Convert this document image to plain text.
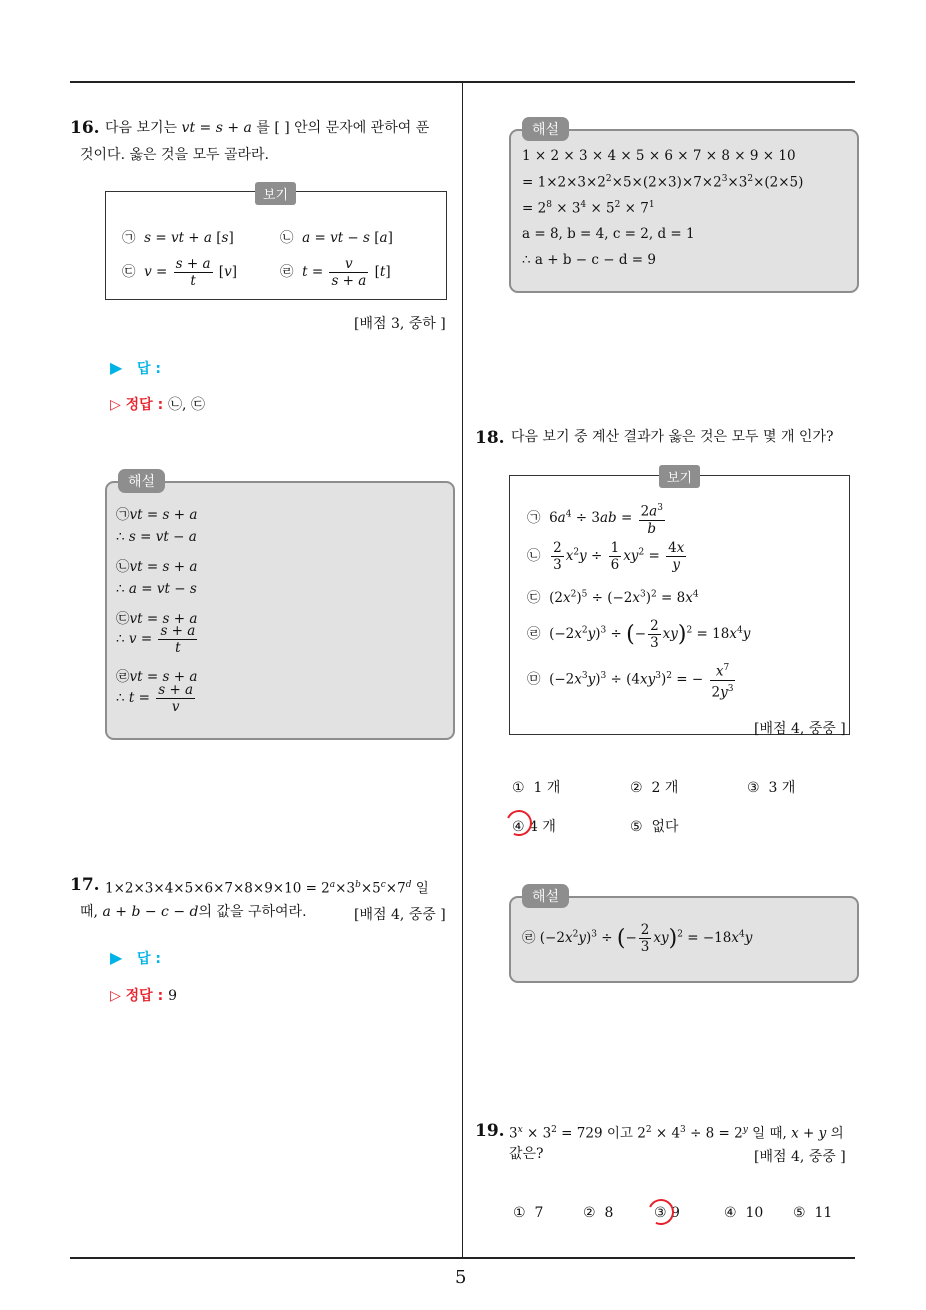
5
16. 다음 보기는 vt = s + a 를 [ ] 안의 문자에 관하여 푼
것이다. 옳은 것을 모두 골라라.
보기
㉠ s = vt + a [s]	㉡ a = vt − s [a]
㉢ $v = \frac{s + a}{t} [v]$	㉣ $t = \frac{v}{s + a} [t]$
[배점 3, 중하 ]
▶ 답 :
▷ 정답 : ㉡, ㉢
해설
㉠vt = s + a
∴ s = vt − a
㉡vt = s + a
∴ a = vt − s
㉢vt = s + a
∴ $v = \frac{s + a}{t}$
㉣vt = s + a
∴ $t = \frac{s + a}{v}$
17. $1\times 2\times 3\times 4\times 5\times 6\times 7\times 8\times 9\times 10 = 2^a\times 3^b\times 5^c\times 7^d$ 일
때, a + b − c − d의 값을 구하여라.	[배점 4, 중중 ]
▶ 답 :
▷ 정답 : 9
해설
1 × 2 × 3 × 4 × 5 × 6 × 7 × 8 × 9 × 10
= $1\times 2\times 3\times 2^2\times 5\times(2\times 3)\times 7\times 2^3\times 3^2\times(2\times 5)$
= $2^8 \times 3^4 \times 5^2 \times 7^1$
a = 8, b = 4, c = 2, d = 1
∴ a + b − c − d = 9
18. 다음 보기 중 계산 결과가 옳은 것은 모두 몇 개 인가?
보기
㉠  $6a^4 \div 3ab = \frac{2a^3}{b}$
㉡ $\frac{2}{3} x^2y \div \frac{1}{6} xy^2 = \frac{4x}{y}$
㉢  $(2x^2)^5 \div (-2x^3)^2 = 8x^4$
㉣  $(-2x^2y)^3$ ÷ (− $\frac{2}{3} xy)^2 = 18x^4y$
㉤  $(-2x^3y)^3 \div (4xy^3)^2$ = − $\frac{x^7}{2y^3}$
[배점 4, 중중 ]
① 1 개	② 2 개	③ 3 개
④ 4 개	⑤ 없다
해설
㉣ $(-2x^2y)^3$ ÷ (− $\frac{2}{3} xy)^2 = -18x^4y$
19. $3^x \times 3^2 = 729$ 이고 $2^2 \times 4^3 \div 8 = 2^y$ 일 때, x + y 의
값은?	[배점 4, 중중 ]
① 7	② 8	③ 9	④ 10 ⑤ 11
